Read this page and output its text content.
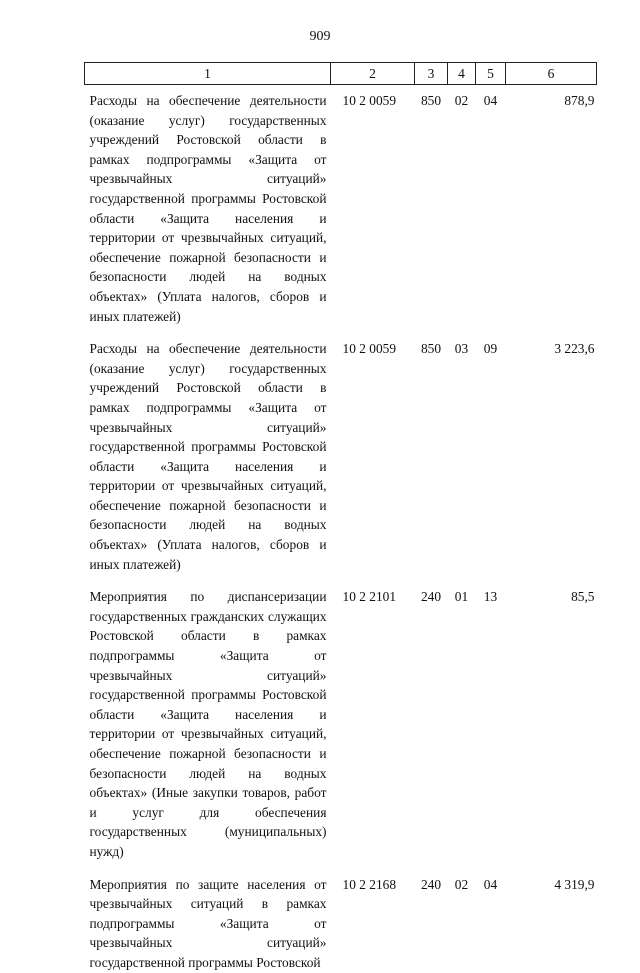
909
1	2	3	4	5	6
Расходы на обеспечение деятельности (оказание услуг) государственных учреждений Ростовской области в рамках подпрограммы «Защита от чрезвычайных ситуаций» государственной программы Ростовской области «Защита населения и территории от чрезвычайных ситуаций, обеспечение пожарной безопасности и безопасности людей на водных объектах» (Уплата налогов, сборов и иных платежей)	10 2 0059	850	02	04	878,9
Расходы на обеспечение деятельности (оказание услуг) государственных учреждений Ростовской области в рамках подпрограммы «Защита от чрезвычайных ситуаций» государственной программы Ростовской области «Защита населения и территории от чрезвычайных ситуаций, обеспечение пожарной безопасности и безопасности людей на водных объектах» (Уплата налогов, сборов и иных платежей)	10 2 0059	850	03	09	3 223,6
Мероприятия по диспансеризации государственных гражданских служащих Ростовской области в рамках подпрограммы «Защита от чрезвычайных ситуаций» государственной программы Ростовской области «Защита населения и территории от чрезвычайных ситуаций, обеспечение пожарной безопасности и безопасности людей на водных объектах» (Иные закупки товаров, работ и услуг для обеспечения государственных (муниципальных) нужд)	10 2 2101	240	01	13	85,5
Мероприятия по защите населения от чрезвычайных ситуаций в рамках подпрограммы «Защита от чрезвычайных ситуаций» государственной программы Ростовской	10 2 2168	240	02	04	4 319,9
